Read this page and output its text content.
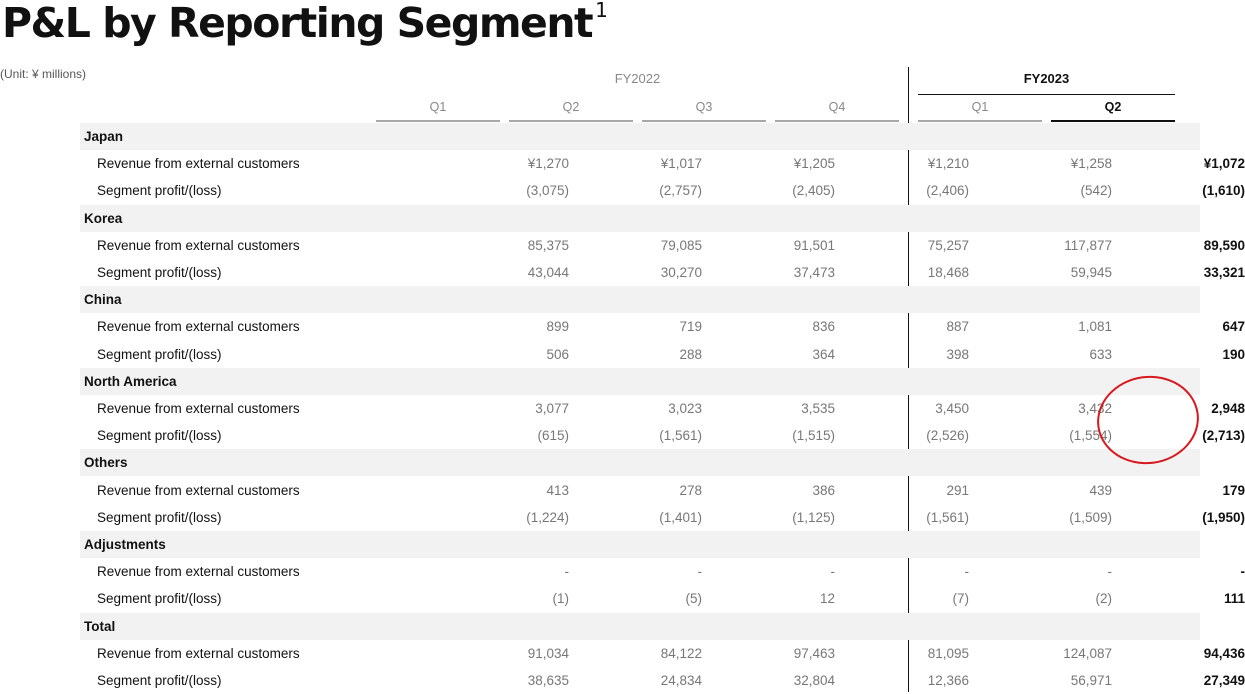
P&L by Reporting Segment $^1$
(Unit: ¥ millions)	FY2022	FY2023
Q1	Q2	Q3	Q4	Q1	Q2
Japan
Revenue from external customers	¥1,270	¥1,017	¥1,205	¥1,210	¥1,258	¥1,072
Segment profit/(loss)	(3,075)	(2,757)	(2,405)	(2,406)	(542)	(1,610)
Korea
Revenue from external customers	85,375	79,085	91,501	75,257	117,877	89,590
Segment profit/(loss)	43,044	30,270	37,473	18,468	59,945	33,321
China
Revenue from external customers	899	719	836	887	1,081	647
Segment profit/(loss)	506	288	364	398	633	190
North America
Revenue from external customers	3,077	3,023	3,535	3,450	3,432	2,948
Segment profit/(loss)	(615)	(1,561)	(1,515)	(2,526)	(1,554)	(2,713)
Others
Revenue from external customers	413	278	386	291	439	179
Segment profit/(loss)	(1,224)	(1,401)	(1,125)	(1,561)	(1,509)	(1,950)
Adjustments
Revenue from external customers	-	-	-	-	-	-
Segment profit/(loss)	(1)	(5)	12	(7)	(2)	111
Total
Revenue from external customers	91,034	84,122	97,463	81,095	124,087	94,436
Segment profit/(loss)	38,635	24,834	32,804	12,366	56,971	27,349
